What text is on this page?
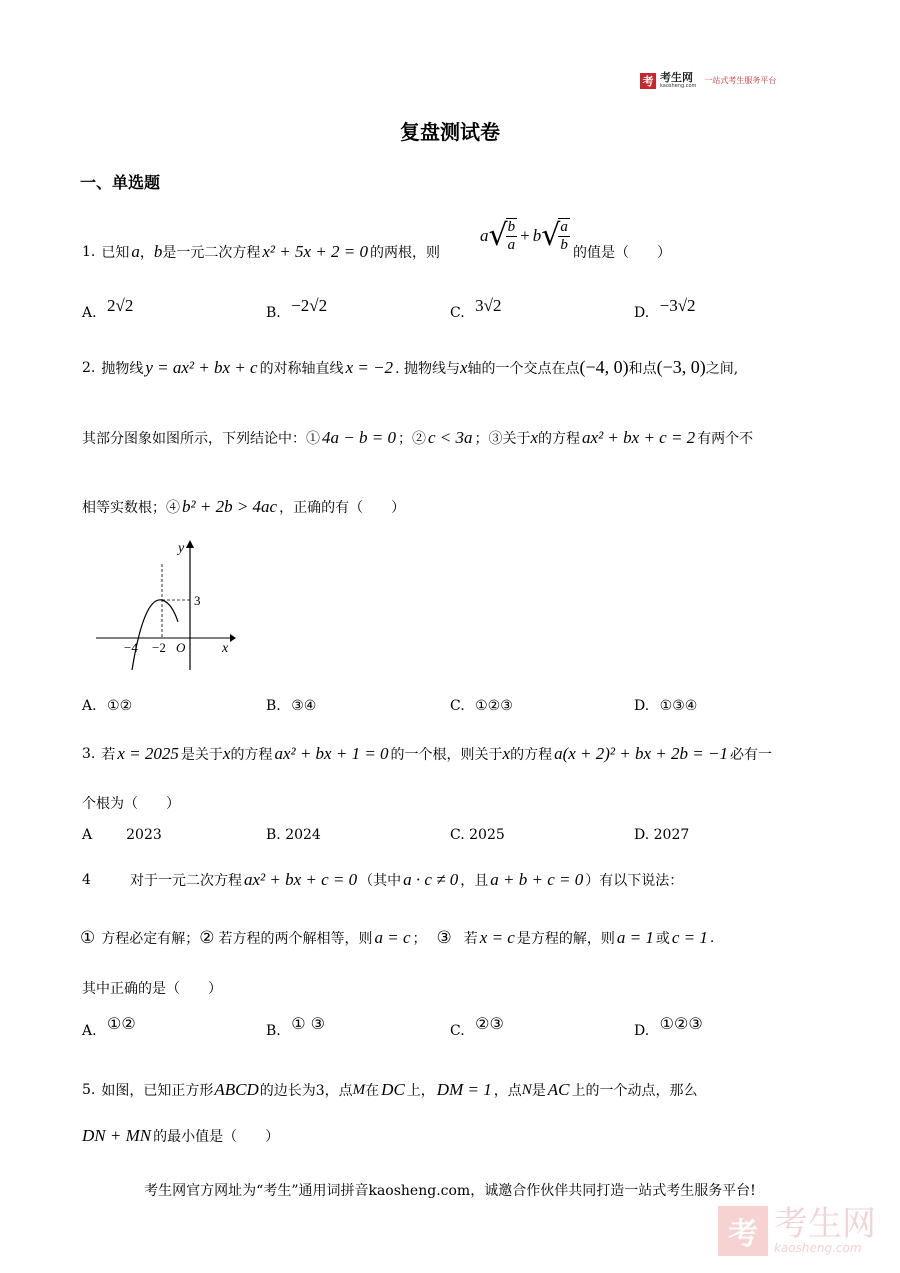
考 考生网
kaosheng.com
一站式考生服务平台
复盘测试卷
一、单选题
1. 已知 a ， b 是一元二次方程 x² + 5x + 2 = 0 的两根，则
a √
$\frac{b}{a} + b$ √
$\frac{a}{b}$ 的值是（　　）
A. 2√2	B. −2√2	C. 3√2	D. −3√2
2. 抛物线 y = ax² + bx + c 的对称轴直线 x = −2 . 抛物线与 x 轴的一个交点在点 (−4, 0) 和点 (−3, 0) 之间,
其部分图象如图所示，下列结论中：① 4a − b = 0 ；② c < 3a ；③关于 x 的方程 ax² + bx + c = 2 有两个不
相等实数根；④ b² + 2b > 4ac ，正确的有（　　）
y
x
O
−4 −2
3
A. ①②	B. ③④	C. ①②③	D. ①③④
3. 若 x = 2025 是关于 x 的方程 ax² + bx + 1 = 0 的一个根，则关于 x 的方程 a(x + 2)² + bx + 2b = −1 必有一
个根为（　　）
A 2023	B. 2024	C. 2025	D. 2027
4	对于一元二次方程 ax² + bx + c = 0 （其中 a · c ≠ 0 ，且 a + b + c = 0 ）有以下说法：
① 方程必定有解； ② 若方程的两个解相等，则 a = c ； ③ 若 x = c 是方程的解，则 a = 1 或 c = 1 .
其中正确的是（　　）
A. ①②	B. ① ③	C. ②③	D. ①②③
5. 如图，已知正方形 ABCD 的边长为3，点 M 在 DC 上， DM = 1 ，点 N 是 AC 上的一个动点，那么
DN + MN 的最小值是（　　）
考生网官方网址为“考生”通用词拼音kaosheng.com，诚邀合作伙伴共同打造一站式考生服务平台!
考 考生网
kaosheng.com
